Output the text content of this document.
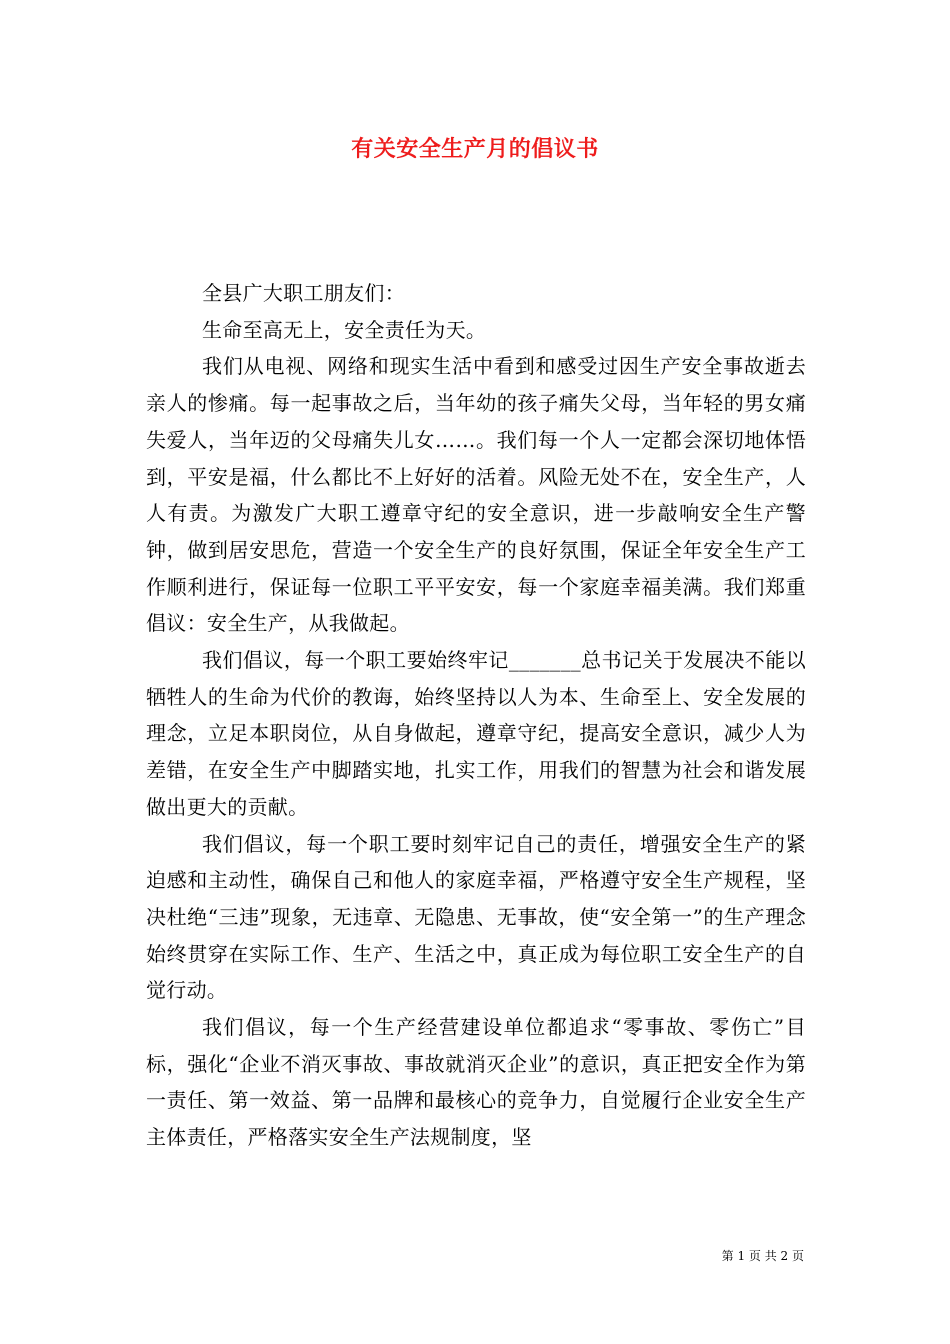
有关安全生产月的倡议书

全县广大职工朋友们：

生命至高无上，安全责任为天。

我们从电视、网络和现实生活中看到和感受过因生产安全事故逝去亲人的惨痛。每一起事故之后，当年幼的孩子痛失父母，当年轻的男女痛失爱人，当年迈的父母痛失儿女……。我们每一个人一定都会深切地体悟到，平安是福，什么都比不上好好的活着。风险无处不在，安全生产，人人有责。为激发广大职工遵章守纪的安全意识，进一步敲响安全生产警钟，做到居安思危，营造一个安全生产的良好氛围，保证全年安全生产工作顺利进行，保证每一位职工平平安安，每一个家庭幸福美满。我们郑重倡议：安全生产，从我做起。

我们倡议，每一个职工要始终牢记_______总书记关于发展决不能以牺牲人的生命为代价的教诲，始终坚持以人为本、生命至上、安全发展的理念，立足本职岗位，从自身做起，遵章守纪，提高安全意识，减少人为差错，在安全生产中脚踏实地，扎实工作，用我们的智慧为社会和谐发展做出更大的贡献。

我们倡议，每一个职工要时刻牢记自己的责任，增强安全生产的紧迫感和主动性，确保自己和他人的家庭幸福，严格遵守安全生产规程，坚决杜绝“三违”现象，无违章、无隐患、无事故，使“安全第一”的生产理念始终贯穿在实际工作、生产、生活之中，真正成为每位职工安全生产的自觉行动。

我们倡议，每一个生产经营建设单位都追求“零事故、零伤亡”目标，强化“企业不消灭事故、事故就消灭企业”的意识，真正把安全作为第一责任、第一效益、第一品牌和最核心的竞争力，自觉履行企业安全生产主体责任，严格落实安全生产法规制度，坚

第 1 页 共 2 页
